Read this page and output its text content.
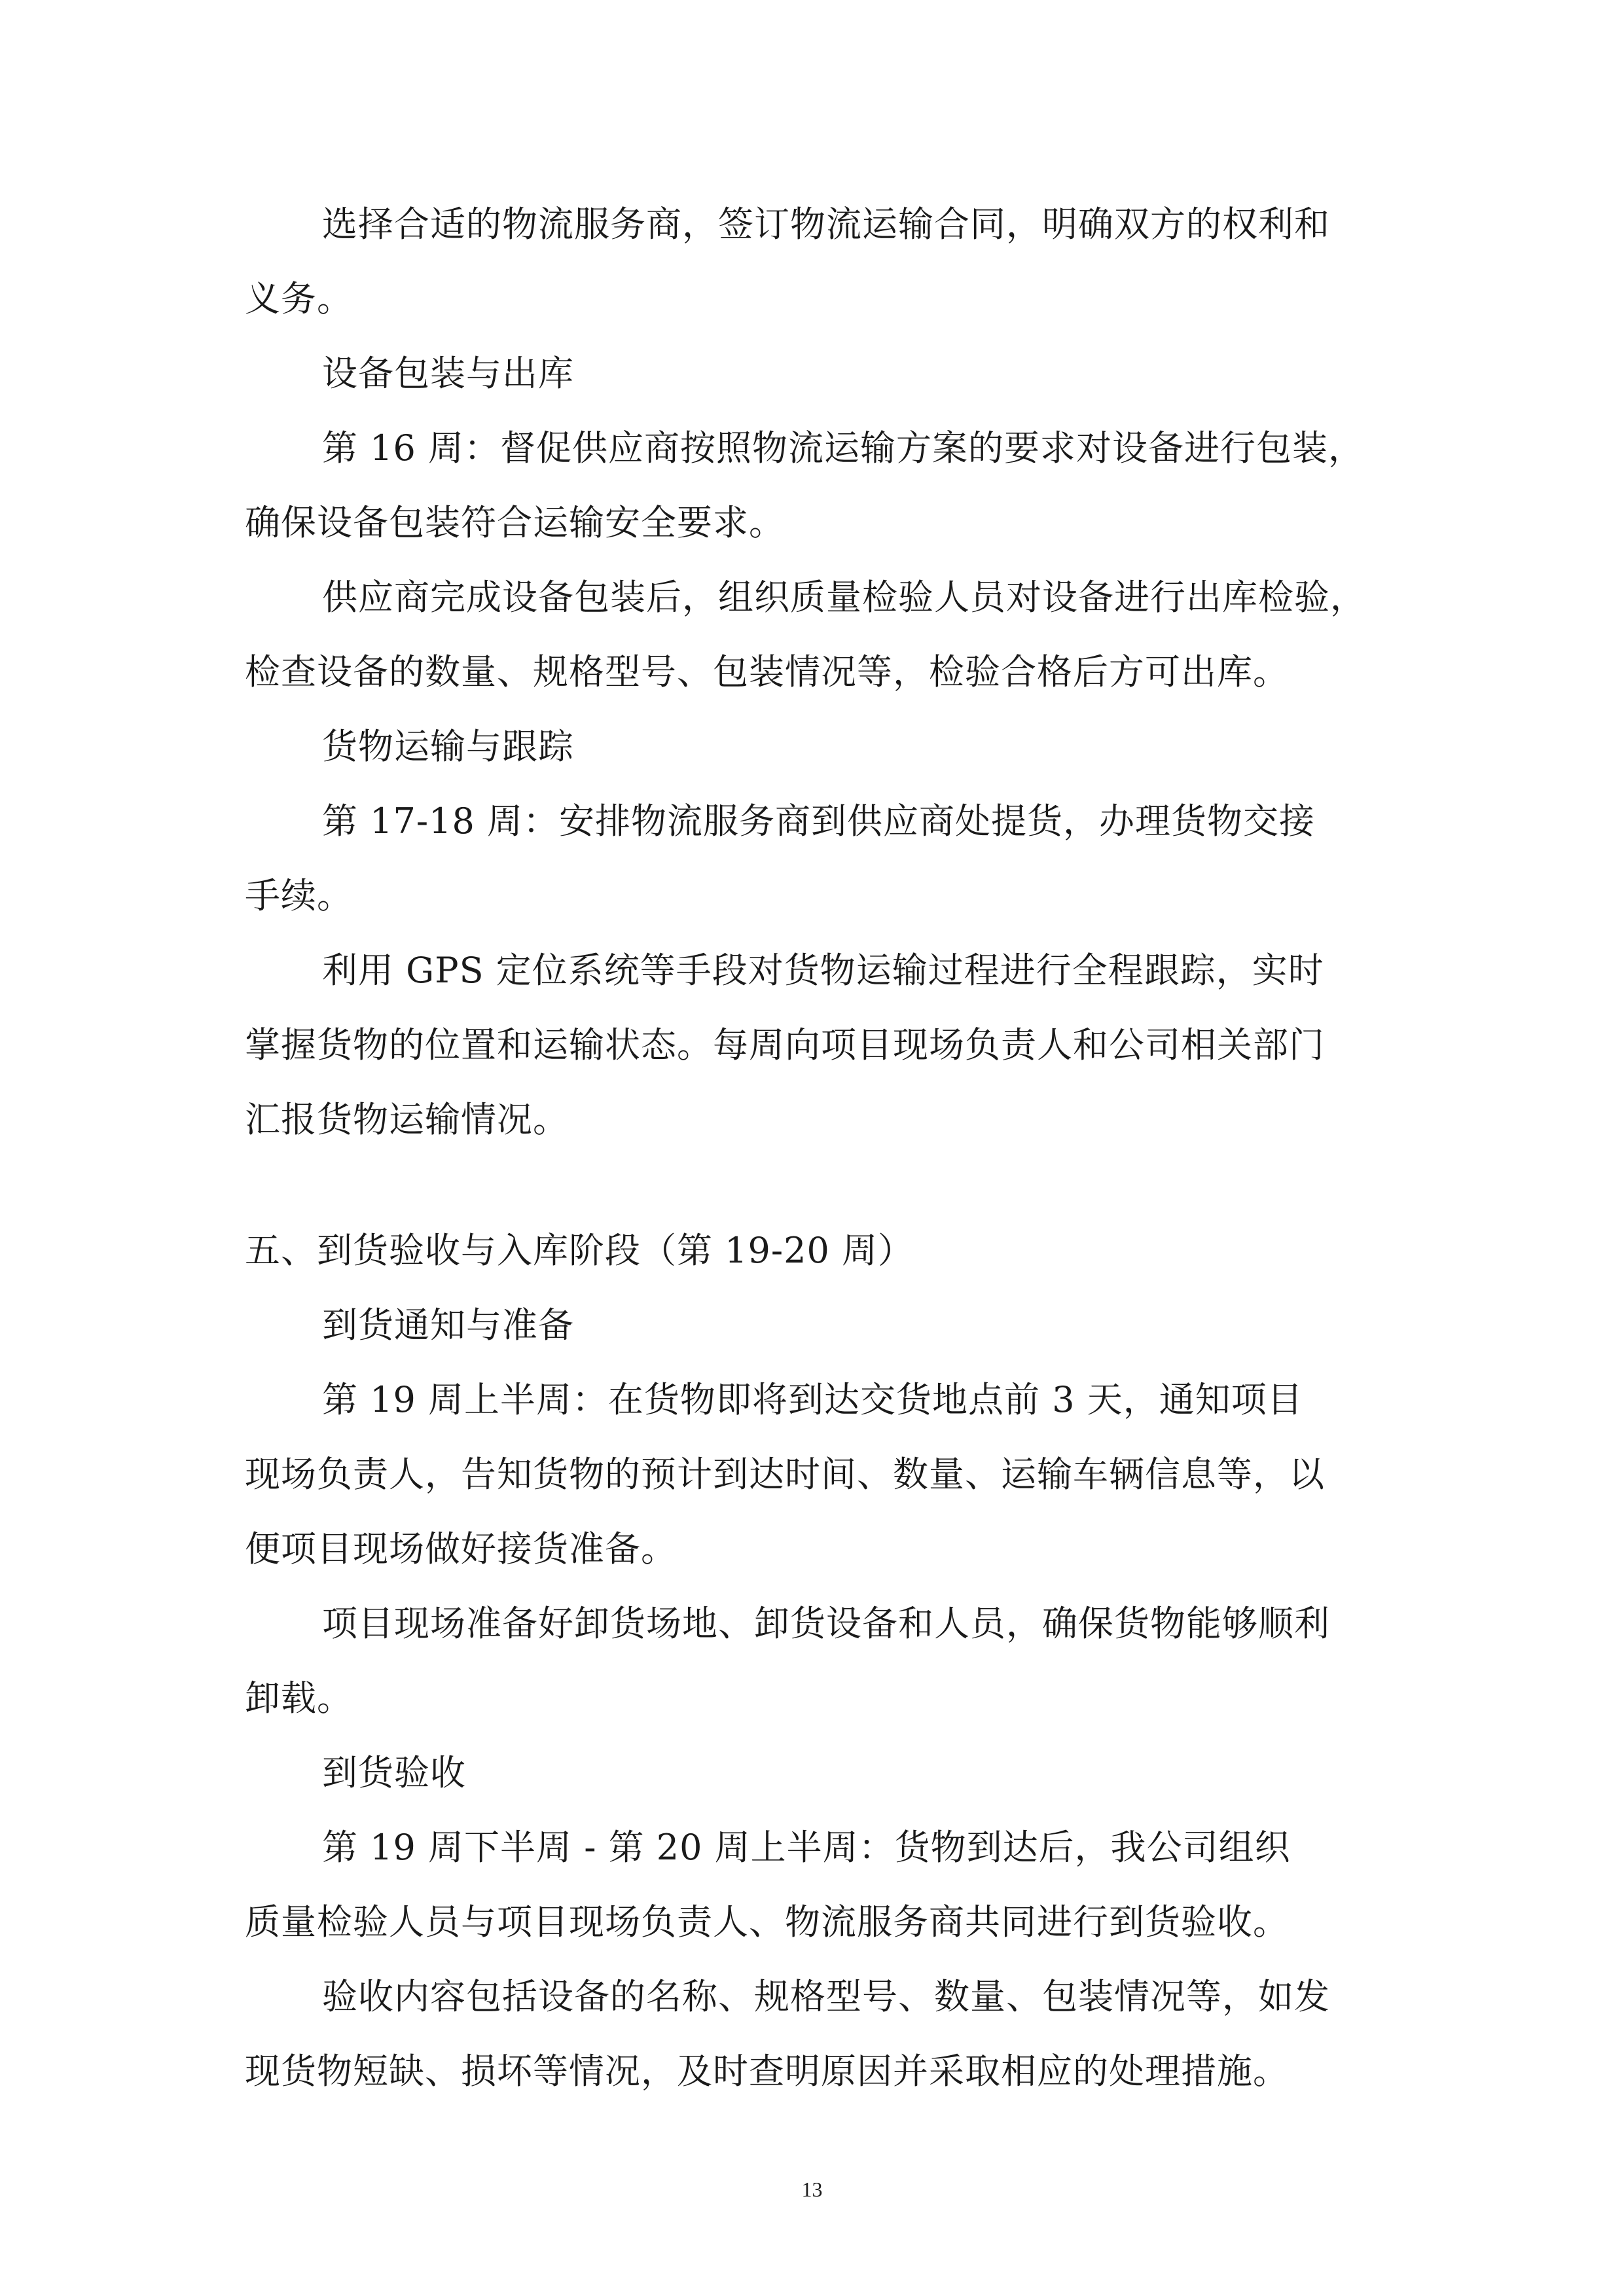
选择合适的物流服务商，签订物流运输合同，明确双方的权利和
义务。
设备包装与出库
第 16 周：督促供应商按照物流运输方案的要求对设备进行包装，
确保设备包装符合运输安全要求。
供应商完成设备包装后，组织质量检验人员对设备进行出库检验，
检查设备的数量、规格型号、包装情况等，检验合格后方可出库。
货物运输与跟踪
第 17-18 周：安排物流服务商到供应商处提货，办理货物交接
手续。
利用 GPS 定位系统等手段对货物运输过程进行全程跟踪，实时
掌握货物的位置和运输状态。每周向项目现场负责人和公司相关部门
汇报货物运输情况。
五、到货验收与入库阶段（第 19-20 周）
到货通知与准备
第 19 周上半周：在货物即将到达交货地点前 3 天，通知项目
现场负责人，告知货物的预计到达时间、数量、运输车辆信息等，以
便项目现场做好接货准备。
项目现场准备好卸货场地、卸货设备和人员，确保货物能够顺利
卸载。
到货验收
第 19 周下半周 - 第 20 周上半周：货物到达后，我公司组织
质量检验人员与项目现场负责人、物流服务商共同进行到货验收。
验收内容包括设备的名称、规格型号、数量、包装情况等，如发
现货物短缺、损坏等情况，及时查明原因并采取相应的处理措施。
13
